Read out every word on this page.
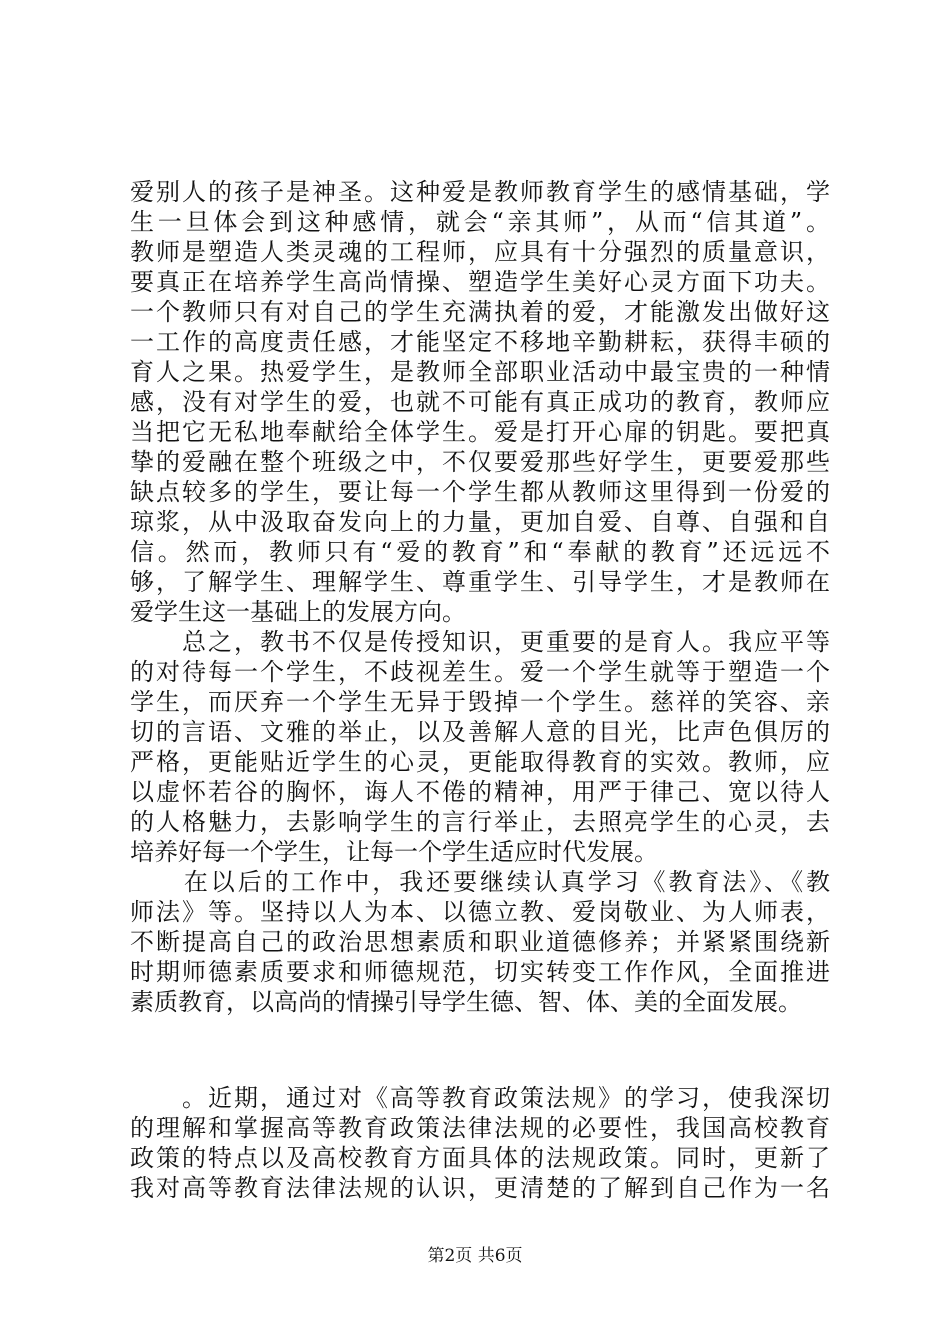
爱别人的孩子是神圣。这种爱是教师教育学生的感情基础，学
生一旦体会到这种感情，就会“亲其师”，从而“信其道”。
教师是塑造人类灵魂的工程师，应具有十分强烈的质量意识，
要真正在培养学生高尚情操、塑造学生美好心灵方面下功夫。
一个教师只有对自己的学生充满执着的爱，才能激发出做好这
一工作的高度责任感，才能坚定不移地辛勤耕耘，获得丰硕的
育人之果。热爱学生，是教师全部职业活动中最宝贵的一种情
感，没有对学生的爱，也就不可能有真正成功的教育，教师应
当把它无私地奉献给全体学生。爱是打开心扉的钥匙。要把真
挚的爱融在整个班级之中，不仅要爱那些好学生，更要爱那些
缺点较多的学生，要让每一个学生都从教师这里得到一份爱的
琼浆，从中汲取奋发向上的力量，更加自爱、自尊、自强和自
信。然而，教师只有“爱的教育”和“奉献的教育”还远远不
够，了解学生、理解学生、尊重学生、引导学生，才是教师在
爱学生这一基础上的发展方向。
　　总之，教书不仅是传授知识，更重要的是育人。我应平等
的对待每一个学生，不歧视差生。爱一个学生就等于塑造一个
学生，而厌弃一个学生无异于毁掉一个学生。慈祥的笑容、亲
切的言语、文雅的举止，以及善解人意的目光，比声色俱厉的
严格，更能贴近学生的心灵，更能取得教育的实效。教师，应
以虚怀若谷的胸怀，诲人不倦的精神，用严于律己、宽以待人
的人格魅力，去影响学生的言行举止，去照亮学生的心灵，去
培养好每一个学生，让每一个学生适应时代发展。
　　在以后的工作中，我还要继续认真学习《教育法》、《教
师法》等。坚持以人为本、以德立教、爱岗敬业、为人师表，
不断提高自己的政治思想素质和职业道德修养；并紧紧围绕新
时期师德素质要求和师德规范，切实转变工作作风，全面推进
素质教育，以高尚的情操引导学生德、智、体、美的全面发展。
　　。近期，通过对《高等教育政策法规》的学习，使我深切
的理解和掌握高等教育政策法律法规的必要性，我国高校教育
政策的特点以及高校教育方面具体的法规政策。同时，更新了
我对高等教育法律法规的认识，更清楚的了解到自己作为一名
第2页 共6页
